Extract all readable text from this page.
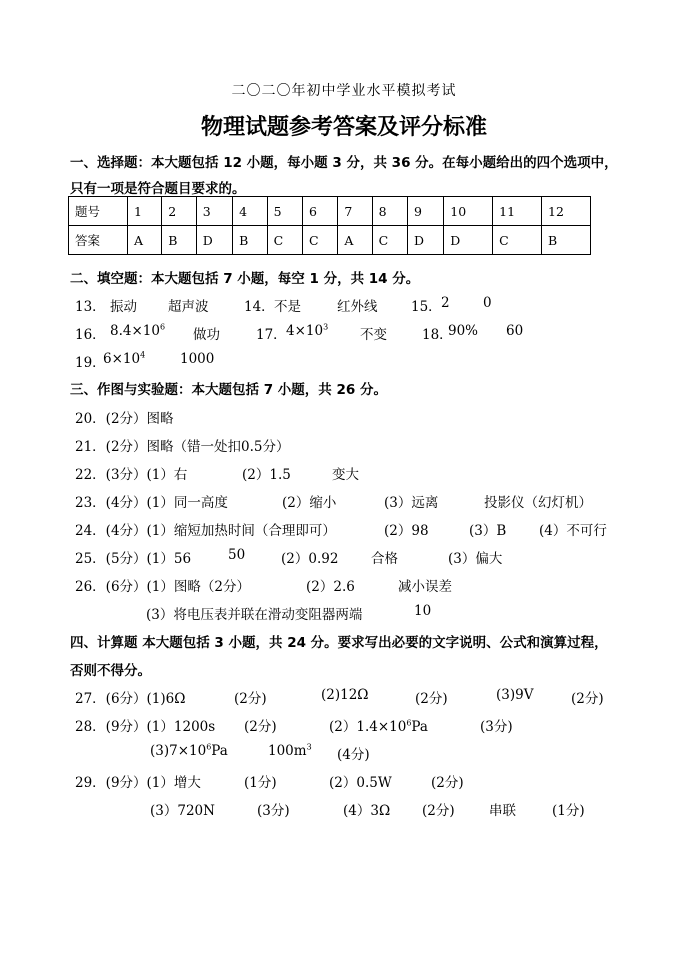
二〇二〇年初中学业水平模拟考试
物理试题参考答案及评分标准
一、选择题：本大题包括 12 小题，每小题 3 分，共 36 分。在每小题给出的四个选项中，
只有一项是符合题目要求的。
题号	1	2	3	4	5	6	7	8	9	10	11	12
答案	A	B	D	B	C	C	A	C	D	D	C	B
二、填空题：本大题包括 7 小题，每空 1 分，共 14 分。
13． 振动 超声波	14． 不是	红外线 15． 2 0
16． $8.4\times 10^6$ 做功	17． $4\times 10^3$ 不变	18．
90% 60
19．
$6\times 10^4$	1000
三、作图与实验题：本大题包括 7 小题，共 26 分。
20．(2分）图略
21．(2分）图略（错一处扣0.5分）
22．(3分）(1）右	(2）1.5	变大
23．(4分）(1）同一高度	(2）缩小	(3）远离	投影仪（幻灯机）
24．(4分）(1）缩短加热时间（合理即可）	(2）98	(3）B (4）不可行
25．(5分）(1）56	50	(2）0.92 合格	(3）偏大
26．(6分）(1）图略（2分）	(2）2.6	减小误差
(3）将电压表并联在滑动变阻器两端	10
四、计算题 本大题包括 3 小题，共 24 分。要求写出必要的文字说明、公式和演算过程，
否则不得分。
27．(6分）(1)6Ω	(2分)	(2)12Ω	(2分)	(3)9V	(2分)
28．(9分）(1）1200s (2分)	$(2)1.4\times 10^6Pa$	(3分)
$(3)7\times 10^6Pa$	$100m^3$ (4分)
29．(9分）(1）增大	(1分)	(2）0.5W	(2分)
(3）720N	(3分)	(4）3Ω (2分)	串联	(1分)
